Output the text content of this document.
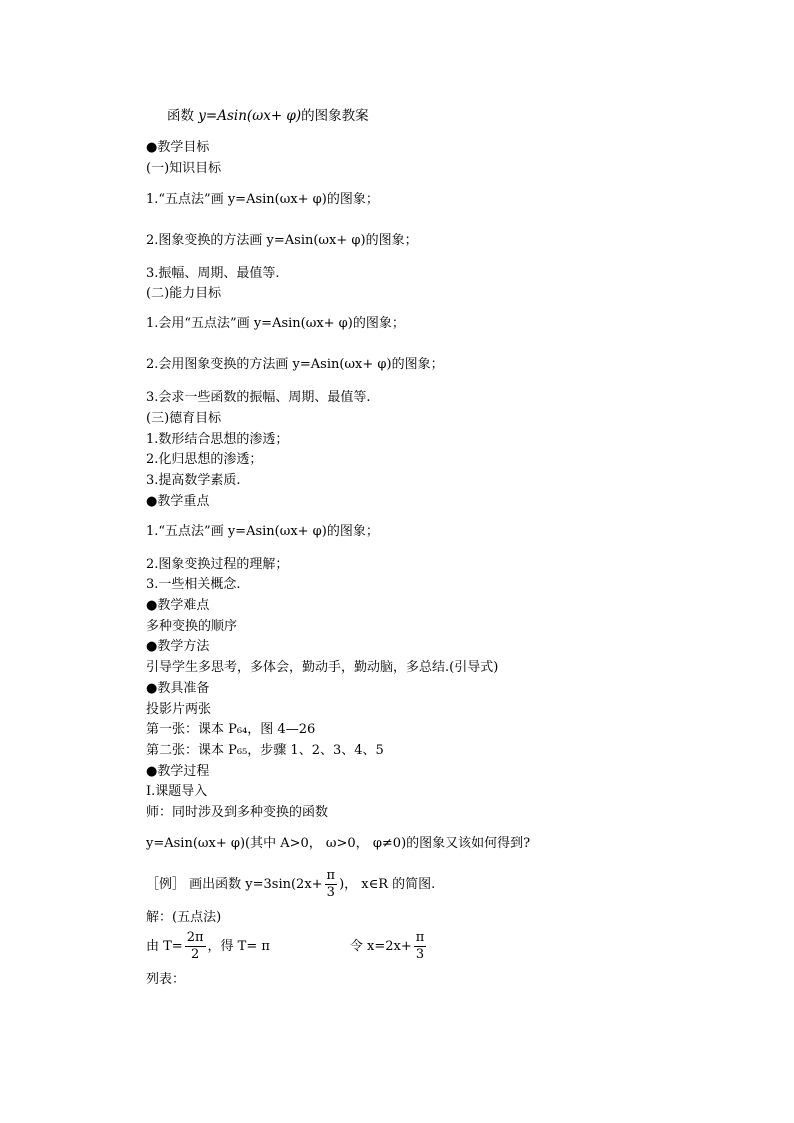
函数 y=Asin(ωx+ φ)的图象教案
●教学目标
(一)知识目标
1.“五点法”画 y=Asin(ωx+ φ)的图象；
2.图象变换的方法画 y=Asin(ωx+ φ)的图象；
3.振幅、周期、最值等.
(二)能力目标
1.会用“五点法”画 y=Asin(ωx+ φ)的图象；
2.会用图象变换的方法画 y=Asin(ωx+ φ)的图象；
3.会求一些函数的振幅、周期、最值等.
(三)德育目标
1.数形结合思想的渗透；
2.化归思想的渗透；
3.提高数学素质.
●教学重点
1.“五点法”画 y=Asin(ωx+ φ)的图象；
2.图象变换过程的理解；
3.一些相关概念.
●教学难点
多种变换的顺序
●教学方法
引导学生多思考，多体会，勤动手，勤动脑，多总结.(引导式)
●教具准备
投影片两张
第一张：课本 P₆₄，图 4—26
第二张：课本 P₆₅，步骤 1、2、3、4、5
●教学过程
Ⅰ.课题导入
师：同时涉及到多种变换的函数
y=Asin(ωx+ φ)(其中 A>0， ω>0， φ≠0)的图象又该如何得到?
［例］ 画出函数 $y=3\sin(2x+ \frac{\pi}{3}$ )， x∈R 的简图.
解：(五点法)
由 $T= \frac{2\pi}{2}$ ，得 T= π	令 $x=2x+ \frac{\pi}{3}$
列表：
